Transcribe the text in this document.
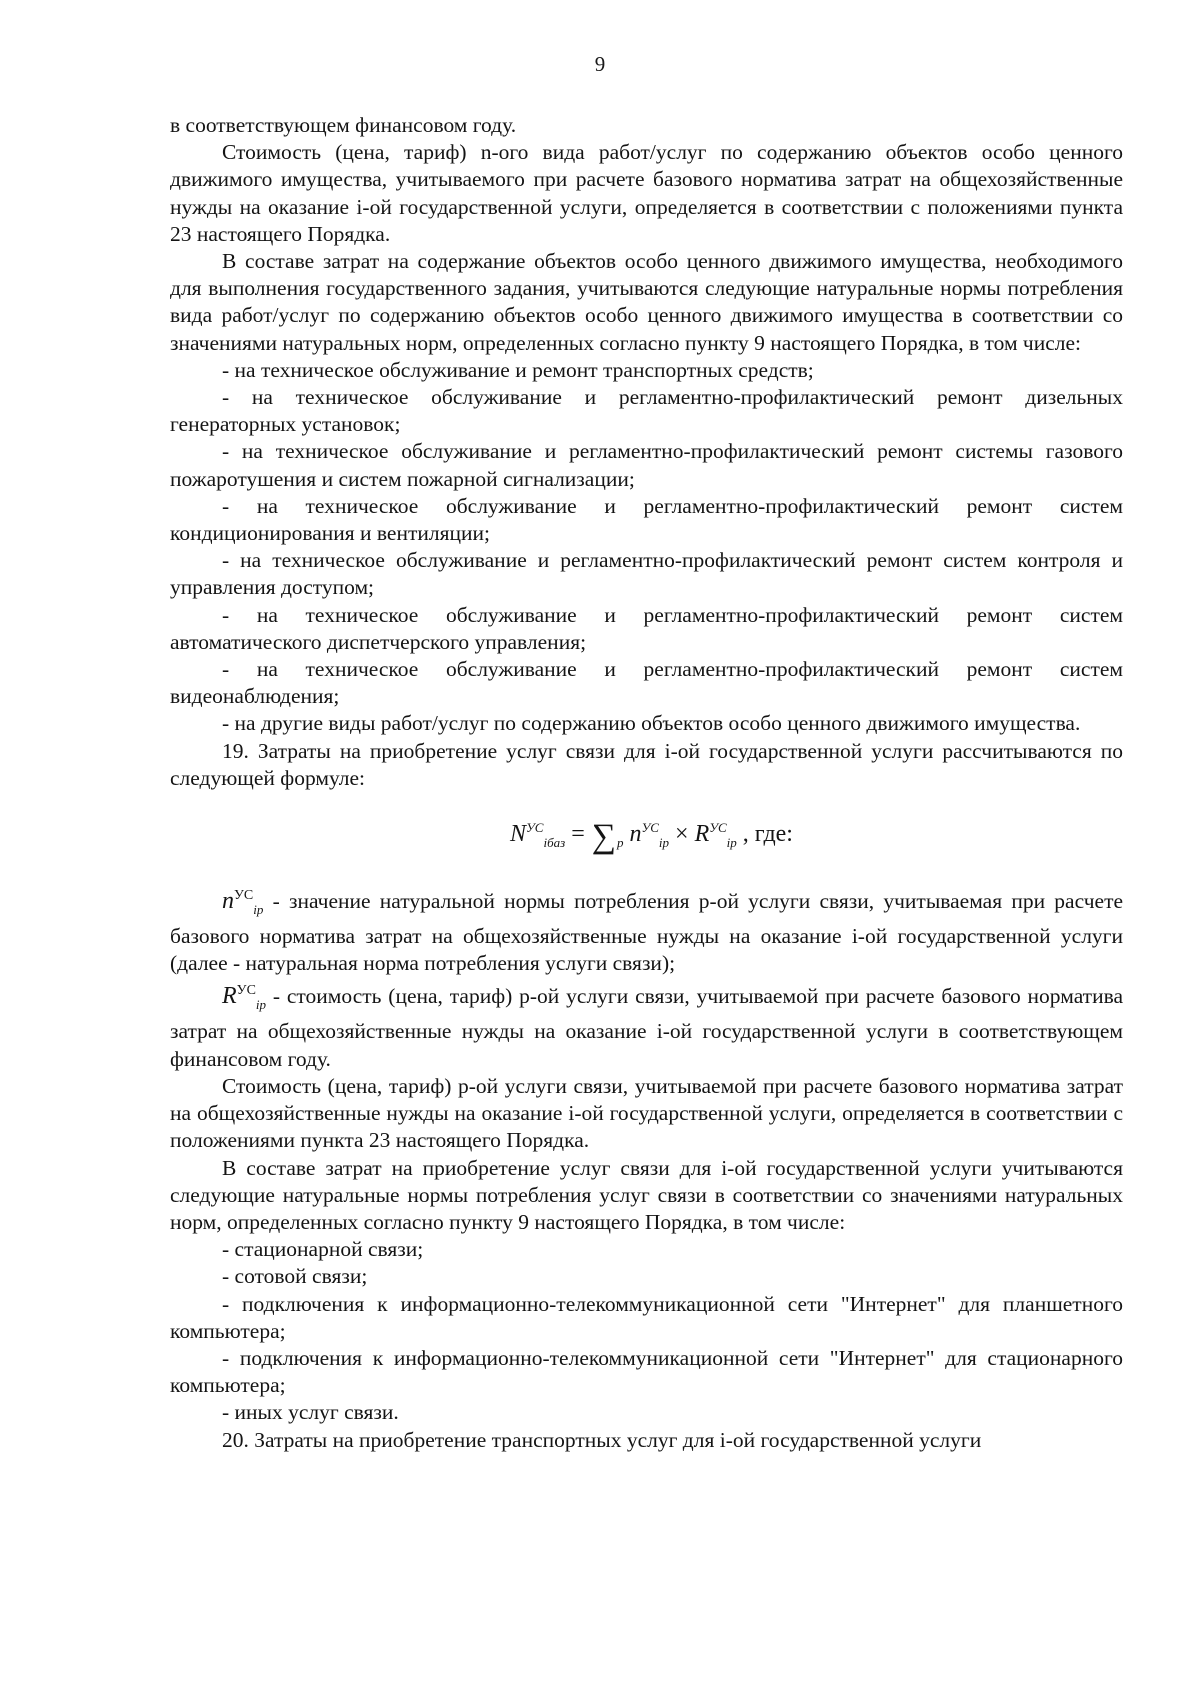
9

в соответствующем финансовом году.

Стоимость (цена, тариф) n-ого вида работ/услуг по содержанию объектов особо ценного движимого имущества, учитываемого при расчете базового норматива затрат на общехозяйственные нужды на оказание i-ой государственной услуги, определяется в соответствии с положениями пункта 23 настоящего Порядка.

В составе затрат на содержание объектов особо ценного движимого имущества, необходимого для выполнения государственного задания, учитываются следующие натуральные нормы потребления вида работ/услуг по содержанию объектов особо ценного движимого имущества в соответствии со значениями натуральных норм, определенных согласно пункту 9 настоящего Порядка, в том числе:

- на техническое обслуживание и ремонт транспортных средств;

- на техническое обслуживание и регламентно-профилактический ремонт дизельных генераторных установок;

- на техническое обслуживание и регламентно-профилактический ремонт системы газового пожаротушения и систем пожарной сигнализации;

- на техническое обслуживание и регламентно-профилактический ремонт систем кондиционирования и вентиляции;

- на техническое обслуживание и регламентно-профилактический ремонт систем контроля и управления доступом;

- на техническое обслуживание и регламентно-профилактический ремонт систем автоматического диспетчерского управления;

- на техническое обслуживание и регламентно-профилактический ремонт систем видеонаблюдения;

- на другие виды работ/услуг по содержанию объектов особо ценного движимого имущества.

19. Затраты на приобретение услуг связи для i-ой государственной услуги рассчитываются по следующей формуле:

$N^{УС}_{iбаз} = \sum_p$ $n^{УС}_{ip} \times R^{УС}_{ip}$ , где:

$n^{УС}_{ip}$ - значение натуральной нормы потребления р-ой услуги связи, учитываемая при расчете базового норматива затрат на общехозяйственные нужды на оказание i-ой государственной услуги (далее - натуральная норма потребления услуги связи);

$R^{УС}_{ip}$ - стоимость (цена, тариф) р-ой услуги связи, учитываемой при расчете базового норматива затрат на общехозяйственные нужды на оказание i-ой государственной услуги в соответствующем финансовом году.

Стоимость (цена, тариф) р-ой услуги связи, учитываемой при расчете базового норматива затрат на общехозяйственные нужды на оказание i-ой государственной услуги, определяется в соответствии с положениями пункта 23 настоящего Порядка.

В составе затрат на приобретение услуг связи для i-ой государственной услуги учитываются следующие натуральные нормы потребления услуг связи в соответствии со значениями натуральных норм, определенных согласно пункту 9 настоящего Порядка, в том числе:

- стационарной связи;

- сотовой связи;

- подключения к информационно-телекоммуникационной сети "Интернет" для планшетного компьютера;

- подключения к информационно-телекоммуникационной сети "Интернет" для стационарного компьютера;

- иных услуг связи.

20. Затраты на приобретение транспортных услуг для i-ой государственной услуги
